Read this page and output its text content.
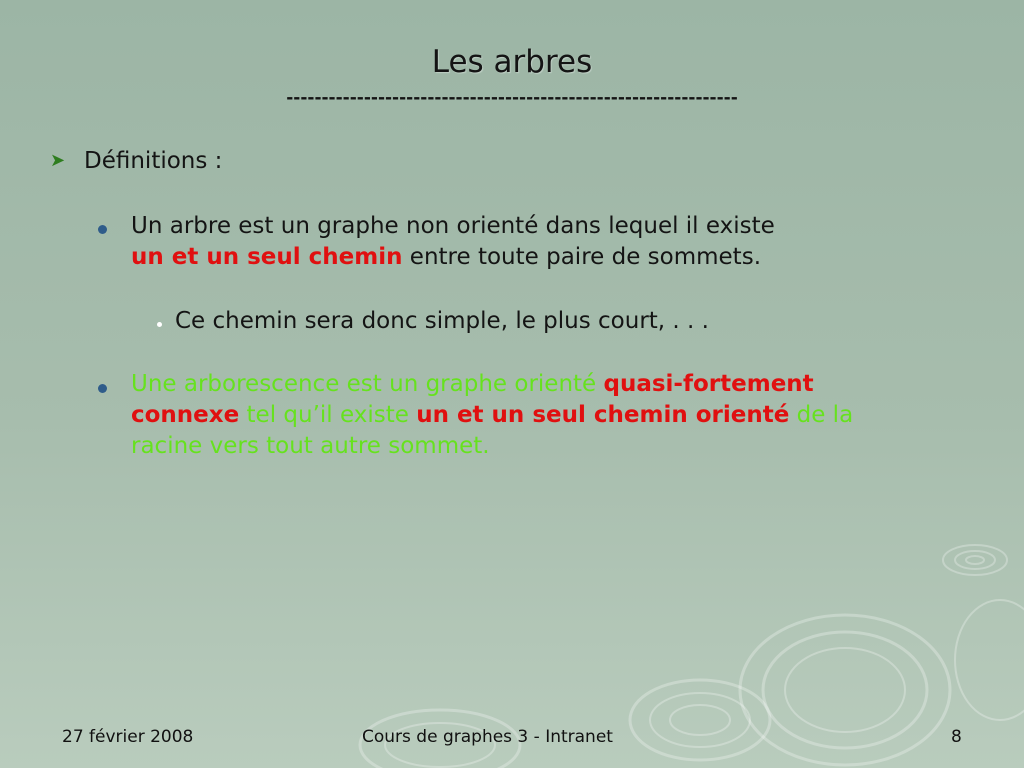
Les arbres
----------------------------------------------------------------
➤ Définitions :
Un arbre est un graphe non orienté dans lequel il existe
un et un seul chemin entre toute paire de sommets.
Ce chemin sera donc simple, le plus court, . . .
Une arborescence est un graphe orienté quasi-fortement
connexe tel qu’il existe un et un seul chemin orienté de la
racine vers tout autre sommet.
27 février 2008	Cours de graphes 3 - Intranet	8
